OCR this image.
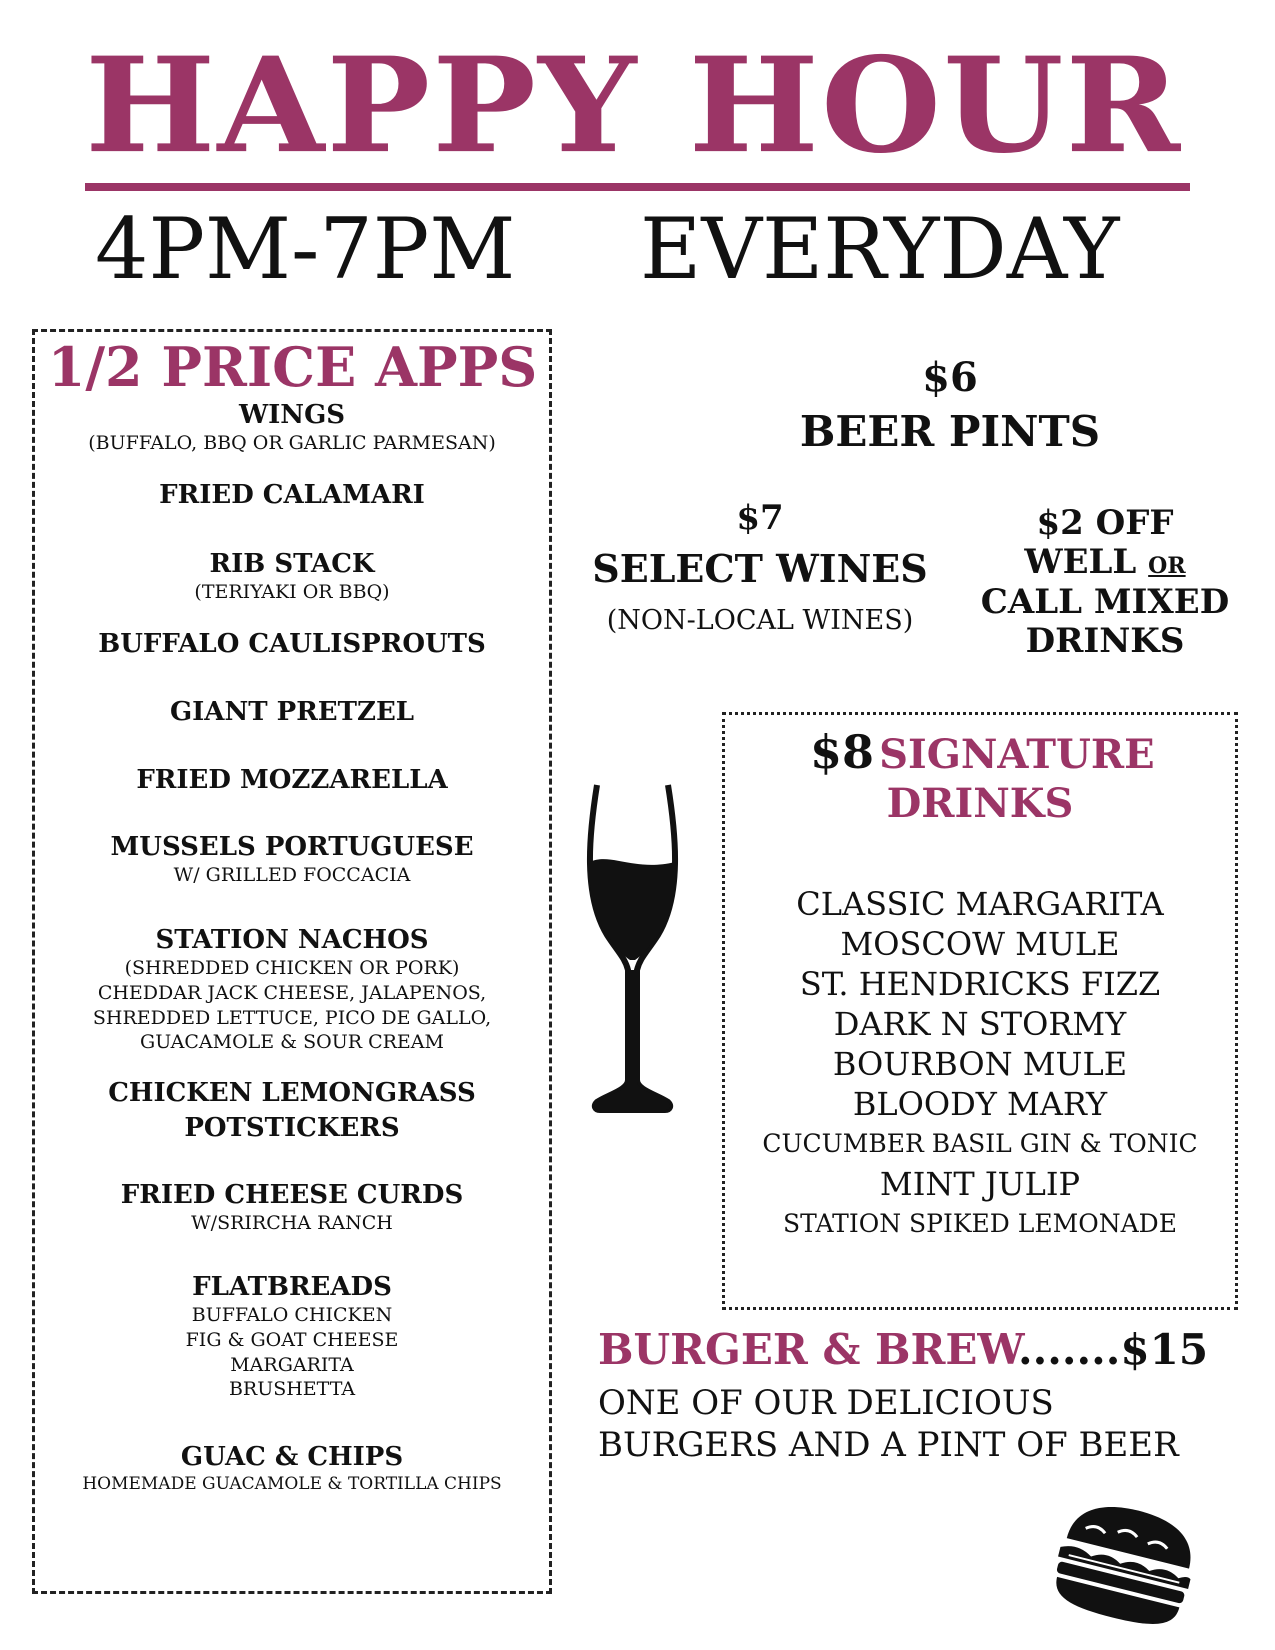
HAPPY HOUR
4PM-7PM EVERYDAY
1/2 PRICE APPS
WINGS
(BUFFALO, BBQ OR GARLIC PARMESAN)
FRIED CALAMARI
RIB STACK
(TERIYAKI OR BBQ)
BUFFALO CAULISPROUTS
GIANT PRETZEL
FRIED MOZZARELLA
MUSSELS PORTUGUESE
W/ GRILLED FOCCACIA
STATION NACHOS
(SHREDDED CHICKEN OR PORK)
CHEDDAR JACK CHEESE, JALAPENOS,
SHREDDED LETTUCE, PICO DE GALLO,
GUACAMOLE & SOUR CREAM
CHICKEN LEMONGRASS
POTSTICKERS
FRIED CHEESE CURDS
W/SRIRCHA RANCH
FLATBREADS
BUFFALO CHICKEN
FIG & GOAT CHEESE
MARGARITA
BRUSHETTA
GUAC & CHIPS
HOMEMADE GUACAMOLE & TORTILLA CHIPS
$6
BEER PINTS
$7
SELECT WINES
(NON-LOCAL WINES)
$2 OFF
WELL OR
CALL MIXED
DRINKS
$8 SIGNATURE
DRINKS
CLASSIC MARGARITA
MOSCOW MULE
ST. HENDRICKS FIZZ
DARK N STORMY
BOURBON MULE
BLOODY MARY
CUCUMBER BASIL GIN & TONIC
MINT JULIP
STATION SPIKED LEMONADE
BURGER & BREW.......$15
ONE OF OUR DELICIOUS
BURGERS AND A PINT OF BEER
